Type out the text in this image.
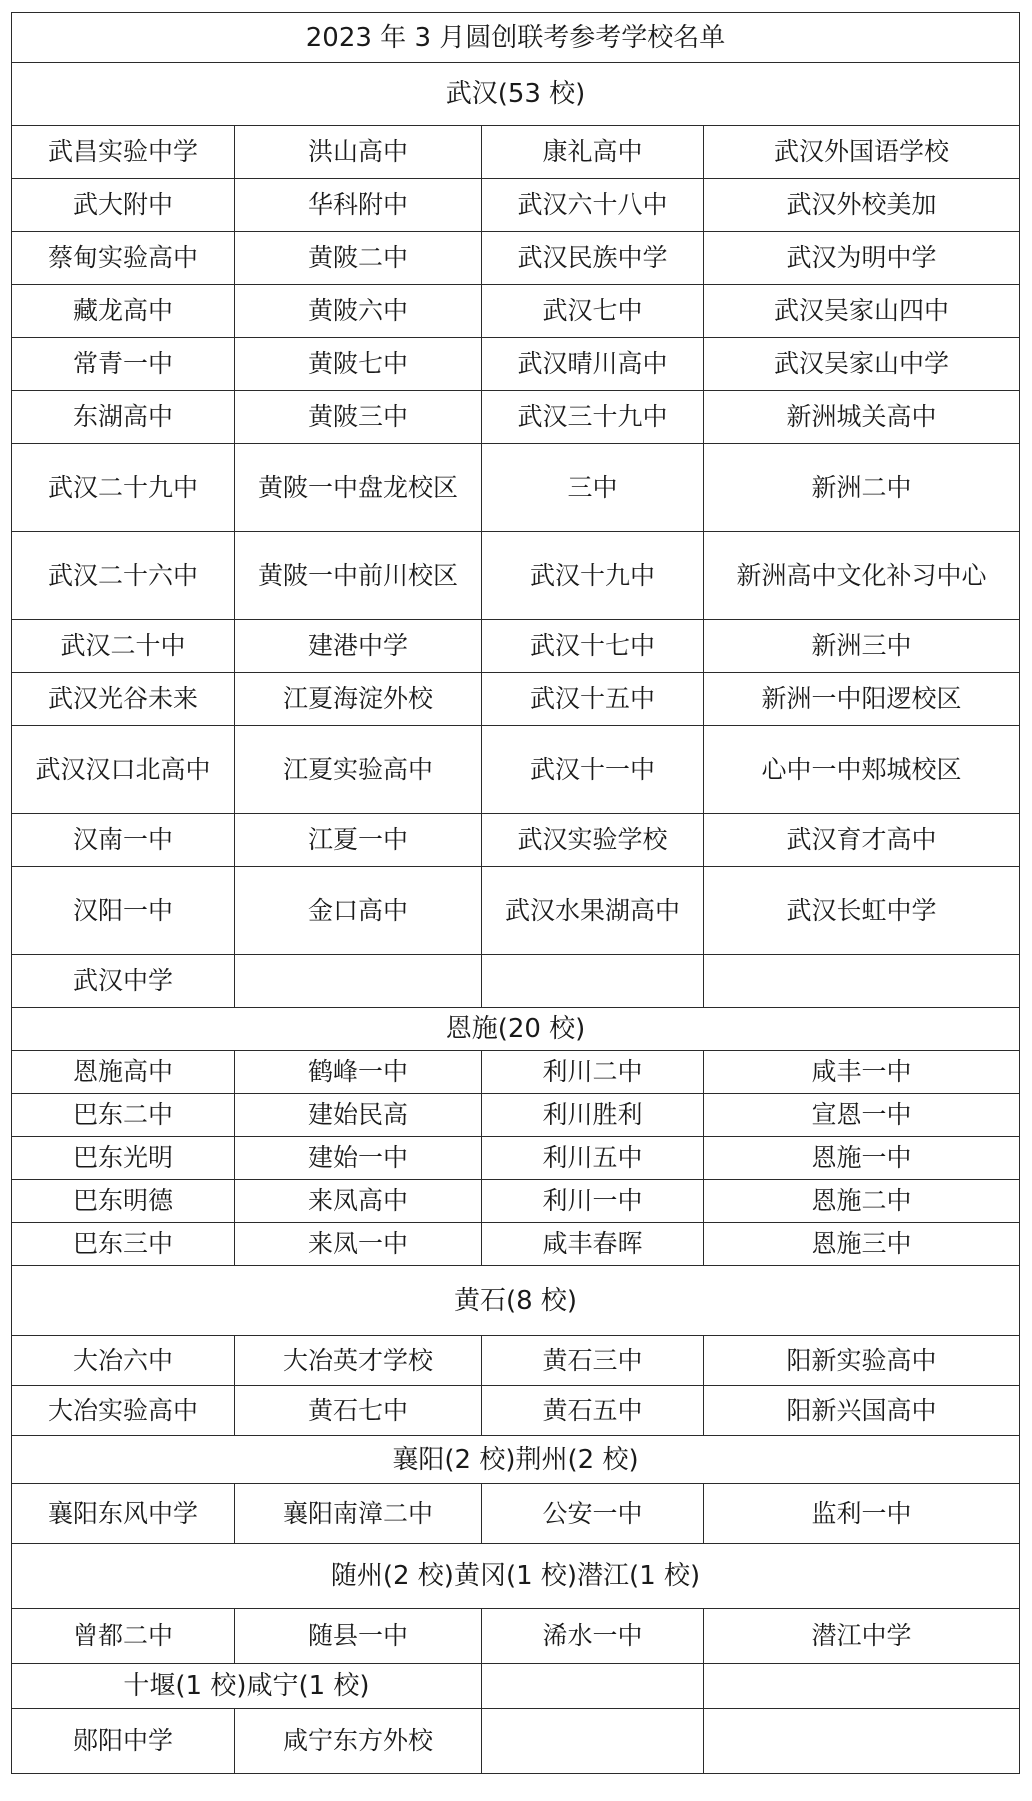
2023 年 3 月圆创联考参考学校名单			
武汉(53 校)			
武昌实验中学	洪山高中	康礼高中	武汉外国语学校
武大附中	华科附中	武汉六十八中	武汉外校美加
蔡甸实验高中	黄陂二中	武汉民族中学	武汉为明中学
藏龙高中	黄陂六中	武汉七中	武汉吴家山四中
常青一中	黄陂七中	武汉晴川高中	武汉吴家山中学
东湖高中	黄陂三中	武汉三十九中	新洲城关高中
武汉二十九中	黄陂一中盘龙校区	三中	新洲二中
武汉二十六中	黄陂一中前川校区	武汉十九中	新洲高中文化补习中心
武汉二十中	建港中学	武汉十七中	新洲三中
武汉光谷未来	江夏海淀外校	武汉十五中	新洲一中阳逻校区
武汉汉口北高中	江夏实验高中	武汉十一中	心中一中郏城校区
汉南一中	江夏一中	武汉实验学校	武汉育才高中
汉阳一中	金口高中	武汉水果湖高中	武汉长虹中学
武汉中学			
恩施(20 校)			
恩施高中	鹤峰一中	利川二中	咸丰一中
巴东二中	建始民高	利川胜利	宣恩一中
巴东光明	建始一中	利川五中	恩施一中
巴东明德	来凤高中	利川一中	恩施二中
巴东三中	来凤一中	咸丰春晖	恩施三中
黄石(8 校)			
大冶六中	大冶英才学校	黄石三中	阳新实验高中
大冶实验高中	黄石七中	黄石五中	阳新兴国高中
襄阳(2 校)荆州(2 校)			
襄阳东风中学	襄阳南漳二中	公安一中	监利一中
随州(2 校)黄冈(1 校)潜江(1 校)			
曾都二中	随县一中	浠水一中	潜江中学
十堰(1 校)咸宁(1 校)			
郧阳中学	咸宁东方外校		
